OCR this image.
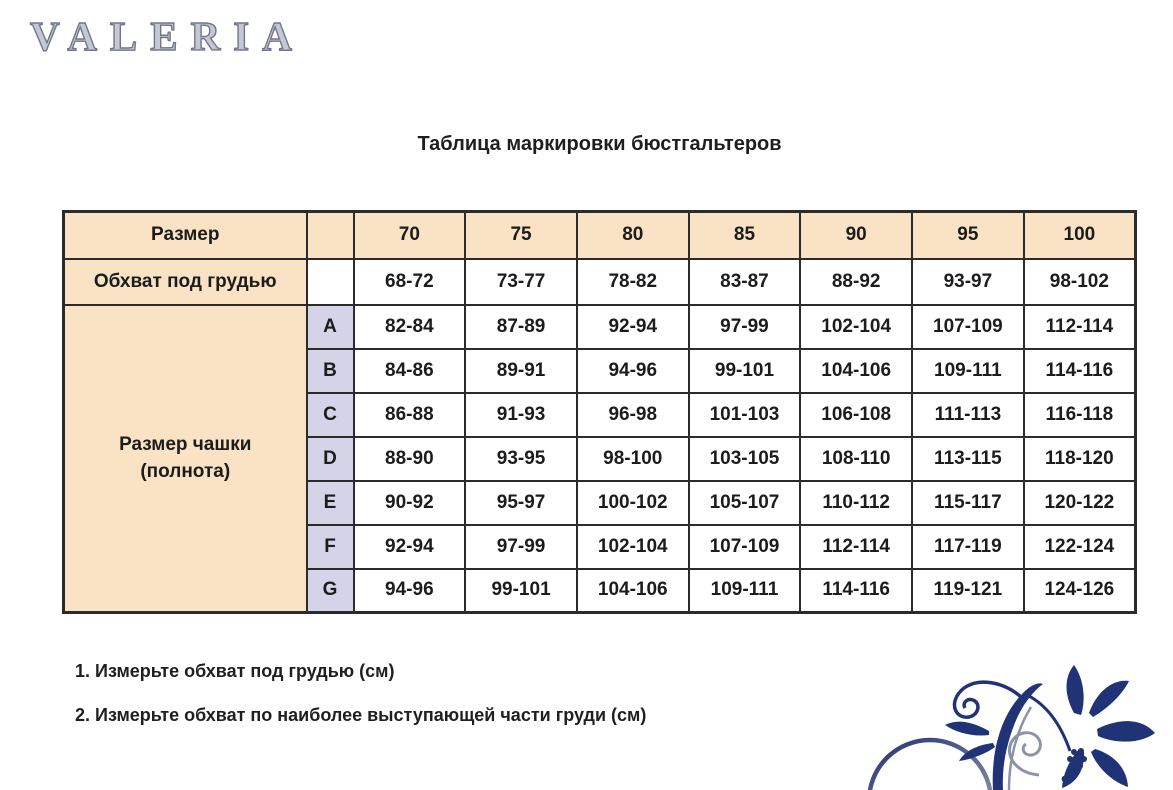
VALERIA
Таблица маркировки бюстгальтеров
Размер		70	75	80	85	90	95	100
Обхват под грудью		68-72	73-77	78-82	83-87	88-92	93-97	98-102
Размер чашки
(полнота)	A	82-84	87-89	92-94	97-99	102-104	107-109	112-114
	B	84-86	89-91	94-96	99-101	104-106	109-111	114-116
	C	86-88	91-93	96-98	101-103	106-108	111-113	116-118
	D	88-90	93-95	98-100	103-105	108-110	113-115	118-120
	E	90-92	95-97	100-102	105-107	110-112	115-117	120-122
	F	92-94	97-99	102-104	107-109	112-114	117-119	122-124
	G	94-96	99-101	104-106	109-111	114-116	119-121	124-126
1. Измерьте обхват под грудью (см)
2. Измерьте обхват по наиболее выступающей части груди (см)
